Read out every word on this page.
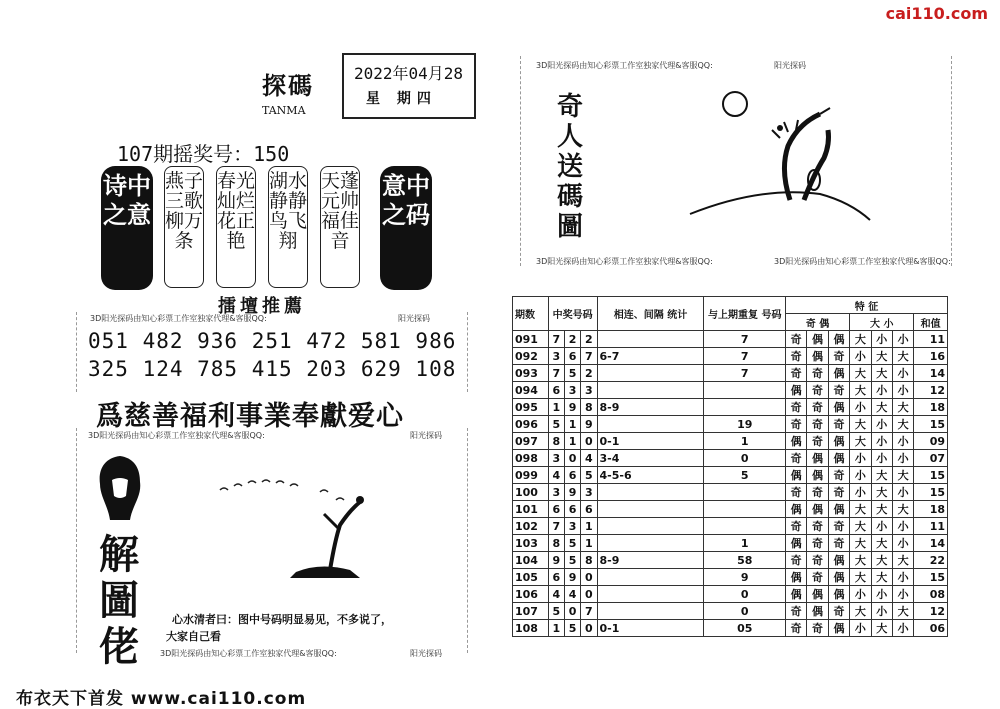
cai110.com
探碼
TANMA
2022年04月28
星 期四
107期摇奖号：150
诗中之意
燕子三歌柳万条
春光灿烂花正艳
湖水静静鸟飞翔
天蓬元帅福佳音
意中之码
擂壇推薦
3D阳光探码由知心彩票工作室独家代理&客服QQ:	阳光探码
051 482 936 251 472 581 986
325 124 785 415 203 629 108
爲慈善福利事業奉獻爱心
3D阳光探码由知心彩票工作室独家代理&客服QQ:	阳光探码
解圖佬
心水清者曰：图中号码明显易见，不多说了，
大家自己看
3D阳光探码由知心彩票工作室独家代理&客服QQ:	阳光探码
布衣天下首发 www.cai110.com
3D阳光探码由知心彩票工作室独家代理&客服QQ:	阳光探码
3D阳光探码由知心彩票工作室独家代理&客服QQ:	3D阳光探码由知心彩票工作室独家代理&客服QQ:
奇人送碼圖
期数	中奖号码			相连、间隔 统计	与上期重复 号码	特 征						
						奇 偶			大 小			和值
091	7	2	2		7	奇	偶	偶	大	小	小	11
092	3	6	7	6-7	7	奇	偶	奇	小	大	大	16
093	7	5	2		7	奇	奇	偶	大	大	小	14
094	6	3	3			偶	奇	奇	大	小	小	12
095	1	9	8	8-9		奇	奇	偶	小	大	大	18
096	5	1	9		19	奇	奇	奇	大	小	大	15
097	8	1	0	0-1	1	偶	奇	偶	大	小	小	09
098	3	0	4	3-4	0	奇	偶	偶	小	小	小	07
099	4	6	5	4-5-6	5	偶	偶	奇	小	大	大	15
100	3	9	3			奇	奇	奇	小	大	小	15
101	6	6	6			偶	偶	偶	大	大	大	18
102	7	3	1			奇	奇	奇	大	小	小	11
103	8	5	1		1	偶	奇	奇	大	大	小	14
104	9	5	8	8-9	58	奇	奇	偶	大	大	大	22
105	6	9	0		9	偶	奇	偶	大	大	小	15
106	4	4	0		0	偶	偶	偶	小	小	小	08
107	5	0	7		0	奇	偶	奇	大	小	大	12
108	1	5	0	0-1	05	奇	奇	偶	小	大	小	06
